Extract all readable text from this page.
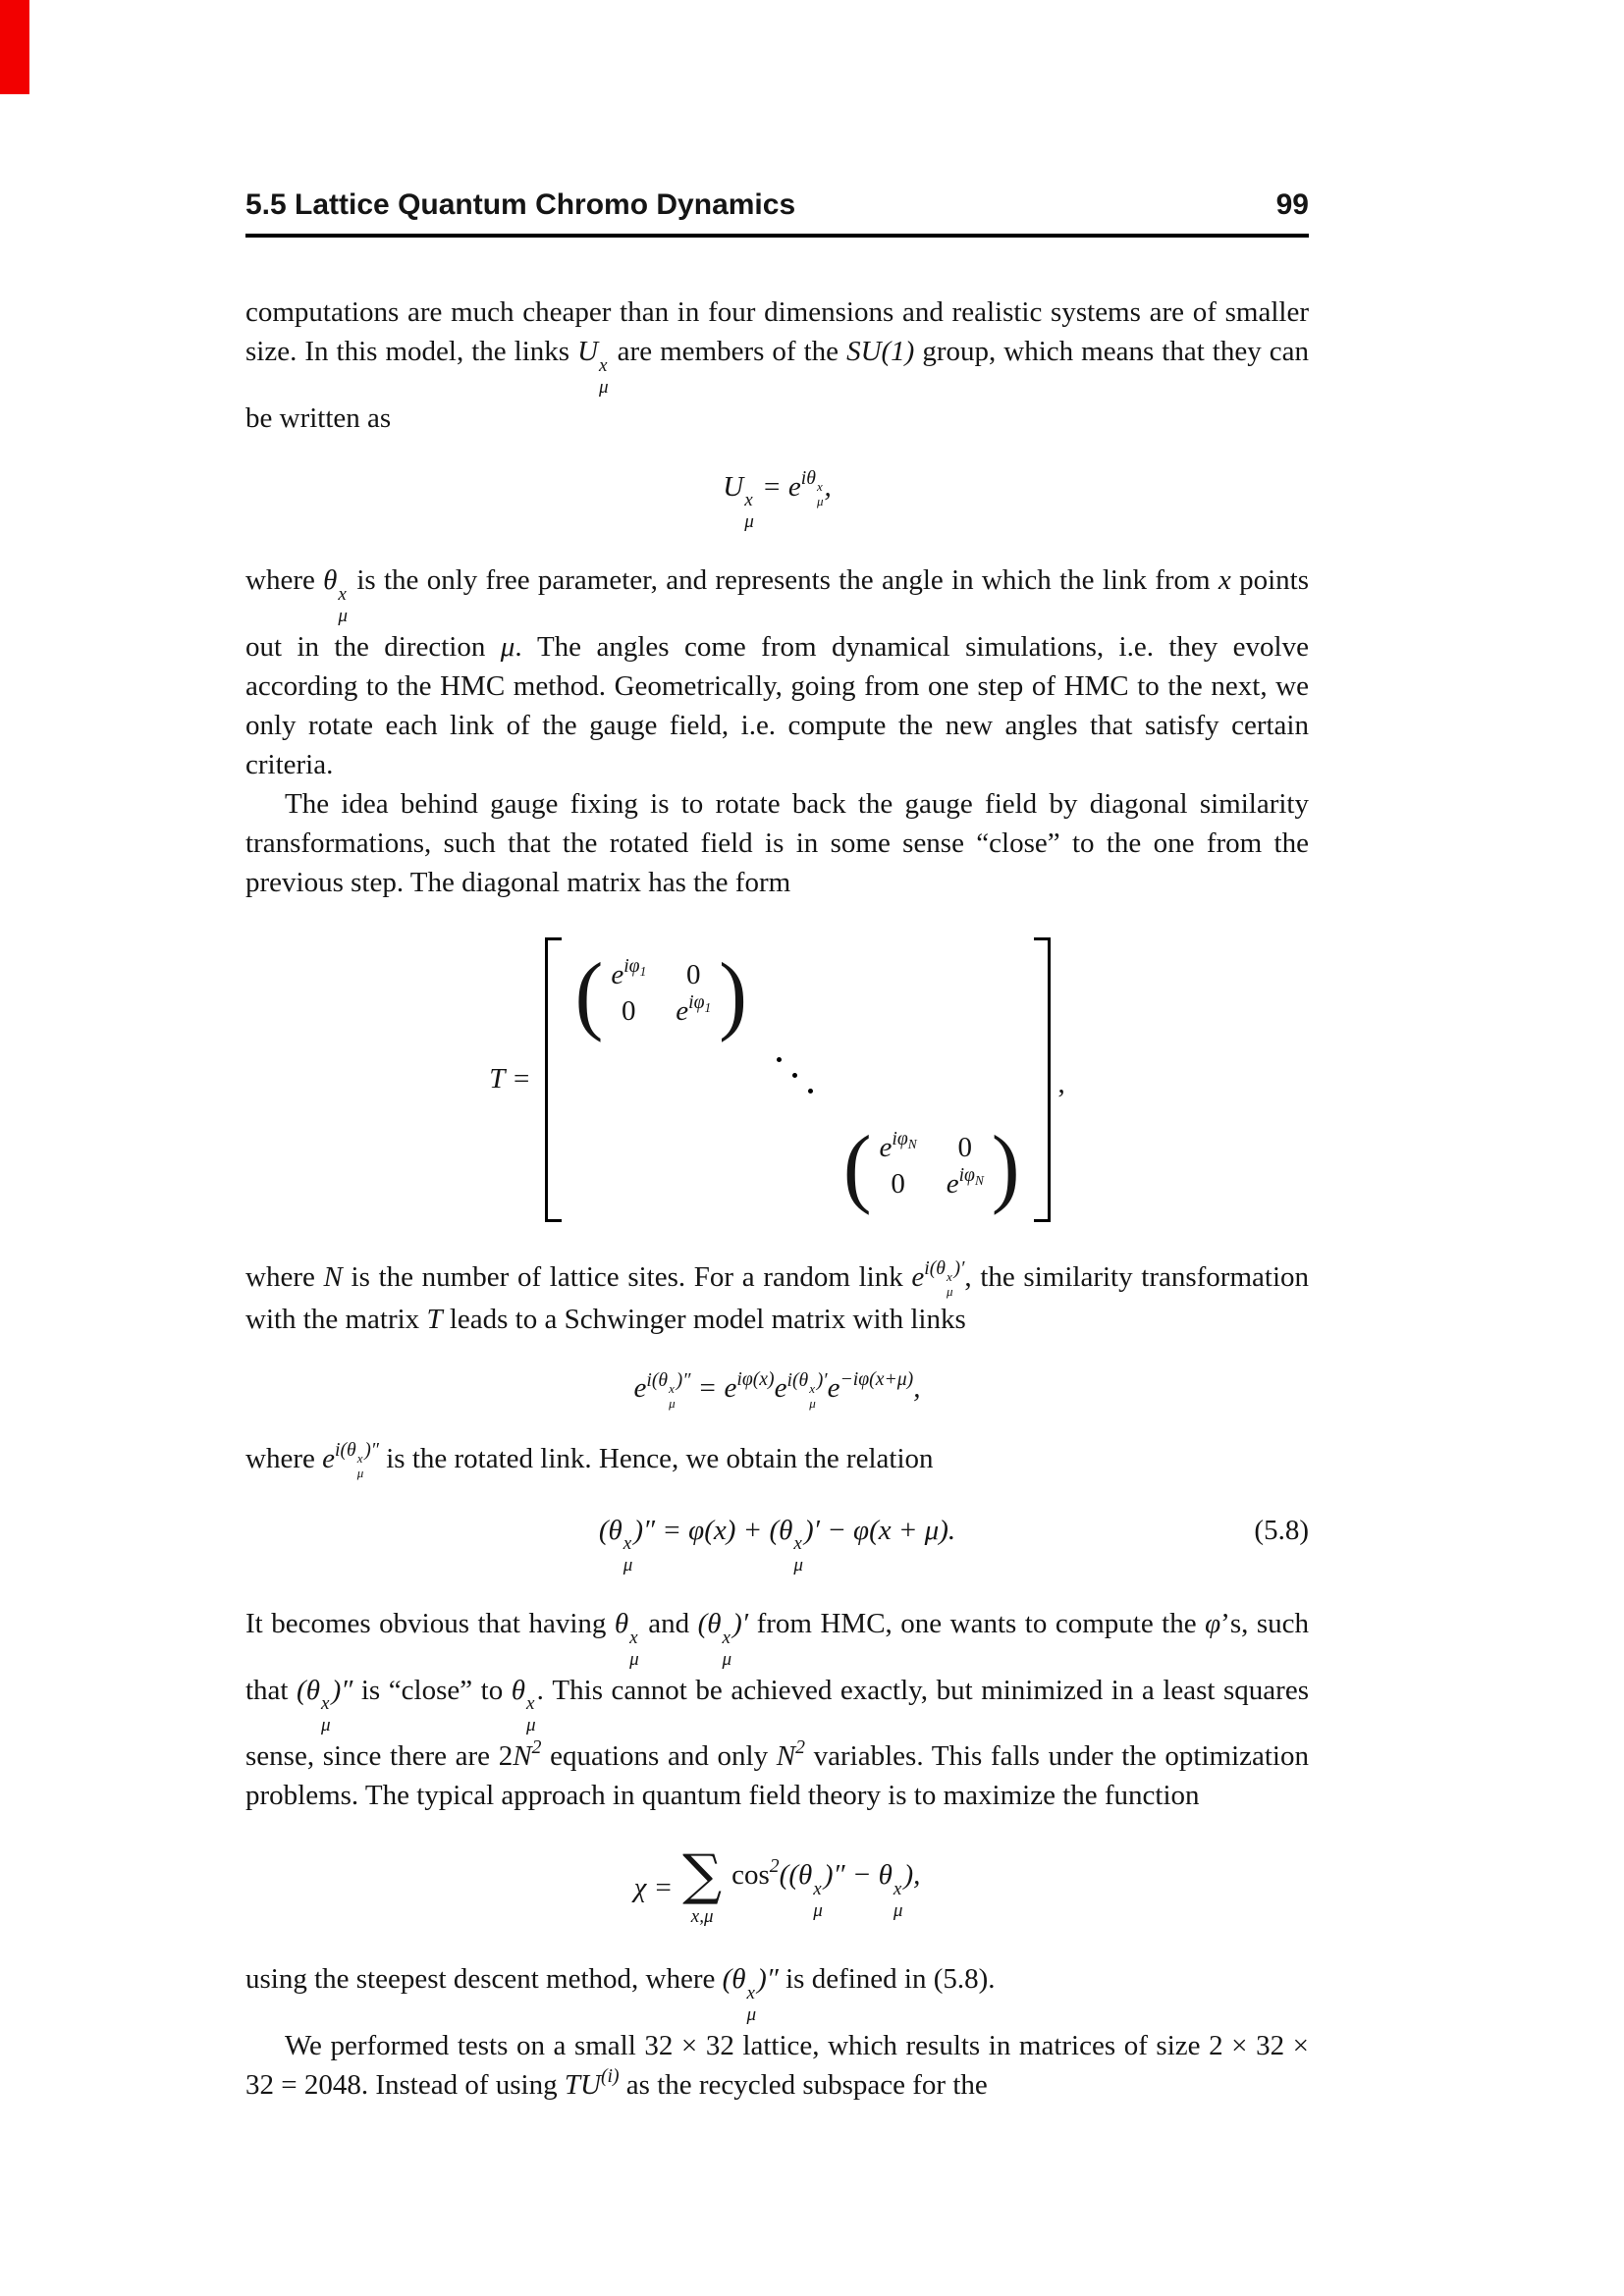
5.5 Lattice Quantum Chromo Dynamics	99

computations are much cheaper than in four dimensions and realistic systems are of smaller size. In this model, the links U x
μ
are members of the SU(1) group, which means that they can be written as

U x
μ
= $e^{i\theta x \mu}$ ,

where θ x
μ
is the only free parameter, and represents the angle in which the link from x points out in the direction μ. The angles come from dynamical simulations, i.e. they evolve according to the HMC method. Geometrically, going from one step of HMC to the next, we only rotate each link of the gauge field, i.e. compute the new angles that satisfy certain criteria.

The idea behind gauge fixing is to rotate back the gauge field by diagonal similarity transformations, such that the rotated field is in some sense “close” to the one from the previous step. The diagonal matrix has the form

T =
( $e^{i\varphi_1}$ 0
0 $e^{i\varphi_1}$ )
( $e^{i\varphi_N}$ 0
0 $e^{i\varphi_N}$ )
,

where N is the number of lattice sites. For a random link $e^{i(\theta x \mu )'}$, the similarity transformation with the matrix T leads to a Schwinger model matrix with links

$e^{i(\theta x \mu )''} = e^{i\varphi(x)}e^{i(\theta x \mu )'}e^{-i\varphi(x+\mu)}$,

where $e^{i(\theta x \mu )''}$ is the rotated link. Hence, we obtain the relation

(θ x
μ
)″ = φ(x) + (θ x
μ
)′ − φ(x + μ).	(5.8)

It becomes obvious that having θ x
μ
and (θ x
μ
)′ from HMC, one wants to compute the φ’s, such that (θ x
μ
)″ is “close” to θ x
μ
. This cannot be achieved exactly, but minimized in a least squares sense, since there are $2N^2$ equations and only $N^2$ variables. This falls under the optimization problems. The typical approach in quantum field theory is to maximize the function

χ = ∑
x,μ
$\cos^2((\theta$ x
μ
)″ − θ x
μ
),

using the steepest descent method, where (θ x
μ
)″ is defined in (5.8).

We performed tests on a small 32 × 32 lattice, which results in matrices of size 2 × 32 × 32 = 2048. Instead of using TU$^{(i)}$ as the recycled subspace for the
